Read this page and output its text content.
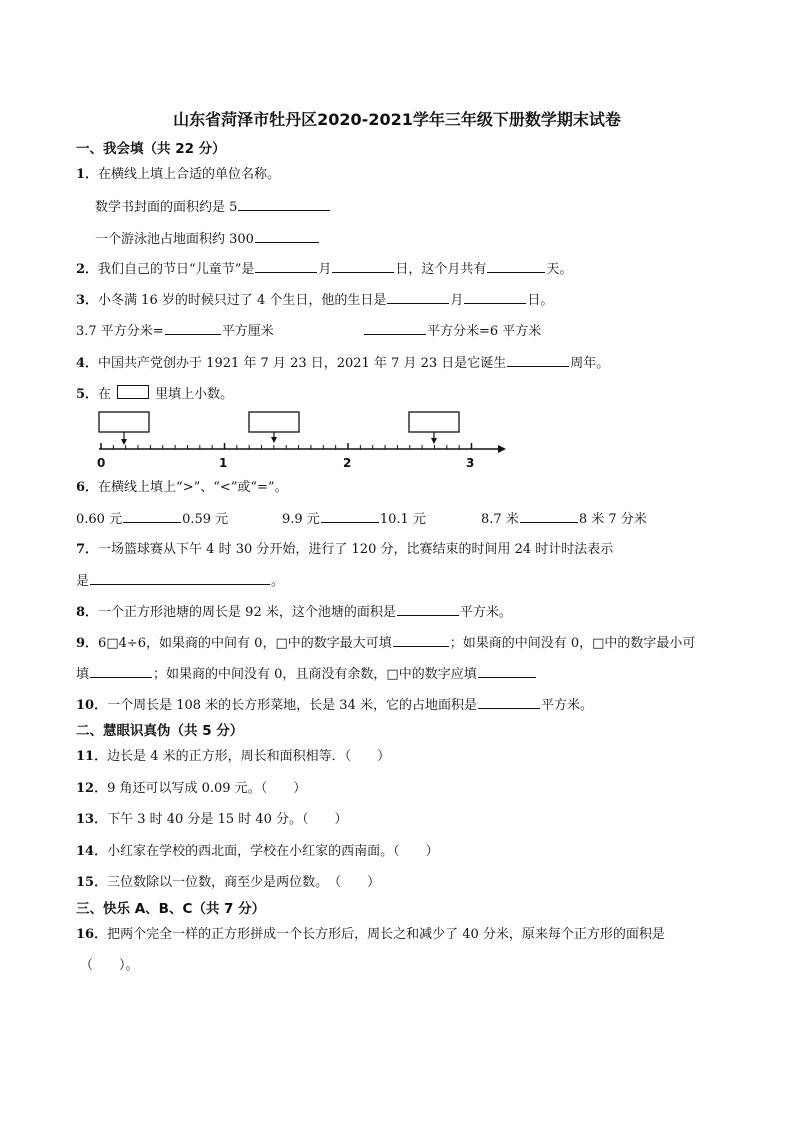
山东省菏泽市牡丹区2020-2021学年三年级下册数学期末试卷
一、我会填（共 22 分）
1．在横线上填上合适的单位名称。
数学书封面的面积约是 5
一个游泳池占地面积约 300
2．我们自己的节日“儿童节”是	月	日，这个月共有	天。
3．小冬满 16 岁的时候只过了 4 个生日，他的生日是	月	日。
3.7 平方分米=	平方厘米	平方分米=6 平方米
4．中国共产党创办于 1921 年 7 月 23 日，2021 年 7 月 23 日是它诞生	周年。
5．在	里填上小数。
0	1	2	3
6．在横线上填上“>”、“<”或“=”。
0.60 元	0.59 元	9.9 元	10.1 元	8.7 米	8 米 7 分米
7．一场篮球赛从下午 4 时 30 分开始，进行了 120 分，比赛结束的时间用 24 时计时法表示
是	。
8．一个正方形池塘的周长是 92 米，这个池塘的面积是	平方米。
9．6□4÷6，如果商的中间有 0，□中的数字最大可填	；如果商的中间没有 0，□中的数字最小可
填	；如果商的中间没有 0，且商没有余数，□中的数字应填
10．一个周长是 108 米的长方形菜地，长是 34 米，它的占地面积是	平方米。
二、慧眼识真伪（共 5 分）
11．边长是 4 米的正方形，周长和面积相等．（　　）
12．9 角还可以写成 0.09 元。（　　）
13．下午 3 时 40 分是 15 时 40 分。（　　）
14．小红家在学校的西北面，学校在小红家的西南面。（　　）
15．三位数除以一位数，商至少是两位数。　（　　）
三、快乐 A、B、C（共 7 分）
16．把两个完全一样的正方形拼成一个长方形后，周长之和减少了 40 分米，原来每个正方形的面积是
（　　）。
